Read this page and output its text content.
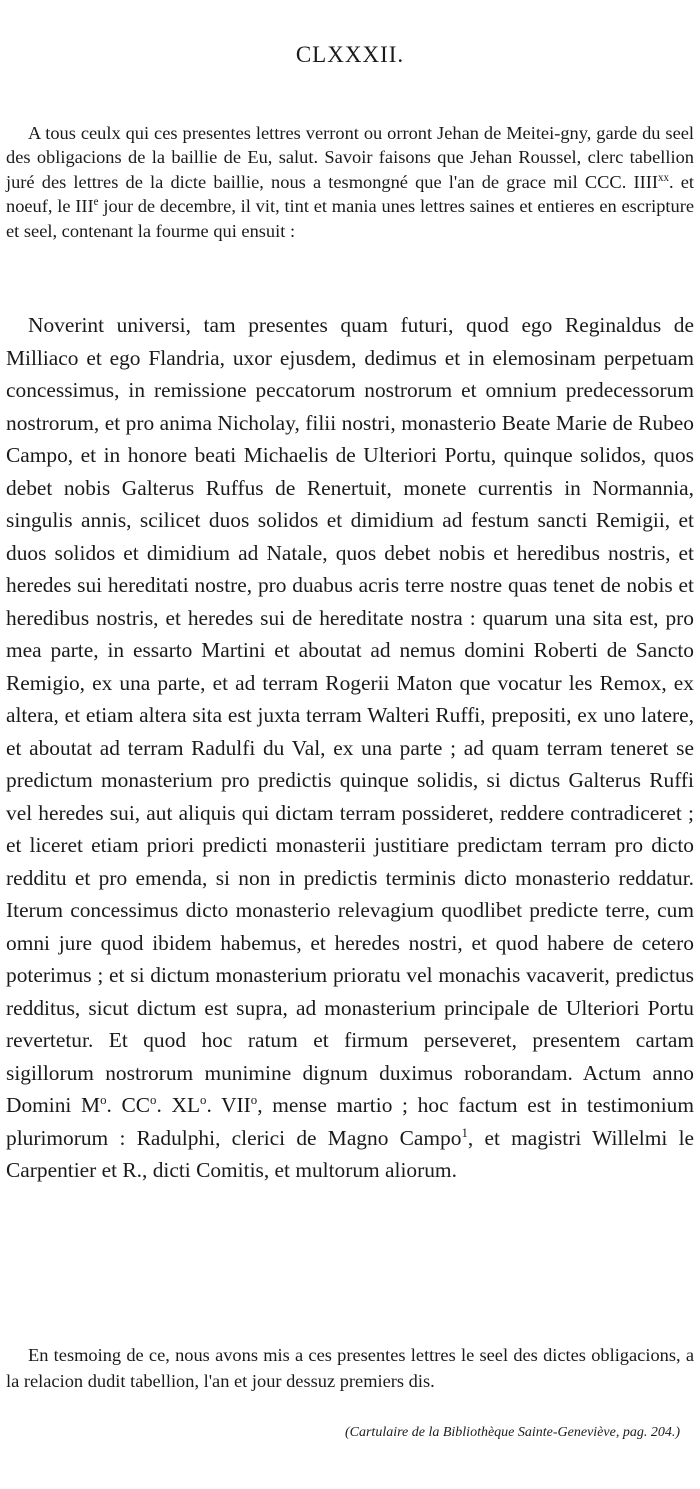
CLXXXII.

A tous ceulx qui ces presentes lettres verront ou orront Jehan de Meitei-gny, garde du seel des obligacions de la baillie de Eu, salut. Savoir faisons que Jehan Roussel, clerc tabellion juré des lettres de la dicte baillie, nous a tesmongné que l'an de grace mil CCC. IIII$^{xx}$. et noeuf, le IIIe jour de decembre, il vit, tint et mania unes lettres saines et entieres en escripture et seel, contenant la fourme qui ensuit :

Noverint universi, tam presentes quam futuri, quod ego Reginaldus de Milliaco et ego Flandria, uxor ejusdem, dedimus et in elemosinam perpetuam concessimus, in remissione peccatorum nostrorum et omnium predecessorum nostrorum, et pro anima Nicholay, filii nostri, monasterio Beate Marie de Rubeo Campo, et in honore beati Michaelis de Ulteriori Portu, quinque solidos, quos debet nobis Galterus Ruffus de Renertuit, monete currentis in Normannia, singulis annis, scilicet duos solidos et dimidium ad festum sancti Remigii, et duos solidos et dimidium ad Natale, quos debet nobis et heredibus nostris, et heredes sui hereditati nostre, pro duabus acris terre nostre quas tenet de nobis et heredibus nostris, et heredes sui de hereditate nostra : quarum una sita est, pro mea parte, in essarto Martini et aboutat ad nemus domini Roberti de Sancto Remigio, ex una parte, et ad terram Rogerii Maton que vocatur les Remox, ex altera, et etiam altera sita est juxta terram Walteri Ruffi, prepositi, ex uno latere, et aboutat ad terram Radulfi du Val, ex una parte ; ad quam terram teneret se predictum monasterium pro predictis quinque solidis, si dictus Galterus Ruffi vel heredes sui, aut aliquis qui dictam terram possideret, reddere contradiceret ; et liceret etiam priori predicti monasterii justitiare predictam terram pro dicto redditu et pro emenda, si non in predictis terminis dicto monasterio reddatur. Iterum concessimus dicto monasterio relevagium quodlibet predicte terre, cum omni jure quod ibidem habemus, et heredes nostri, et quod habere de cetero poterimus ; et si dictum monasterium prioratu vel monachis vacaverit, predictus redditus, sicut dictum est supra, ad monasterium principale de Ulteriori Portu revertetur. Et quod hoc ratum et firmum perseveret, presentem cartam sigillorum nostrorum munimine dignum duximus roborandam. Actum anno Domini $M^o$. $CC^o$. $XL^o$. VII$^o$, mense martio ; hoc factum est in testimonium plurimorum : Radulphi, clerici de Magno Campo$^1$, et magistri Willelmi le Carpentier et R., dicti Comitis, et multorum aliorum.

En tesmoing de ce, nous avons mis a ces presentes lettres le seel des dictes obligacions, a la relacion dudit tabellion, l'an et jour dessuz premiers dis.

(Cartulaire de la Bibliothèque Sainte-Geneviève, pag. 204.)
